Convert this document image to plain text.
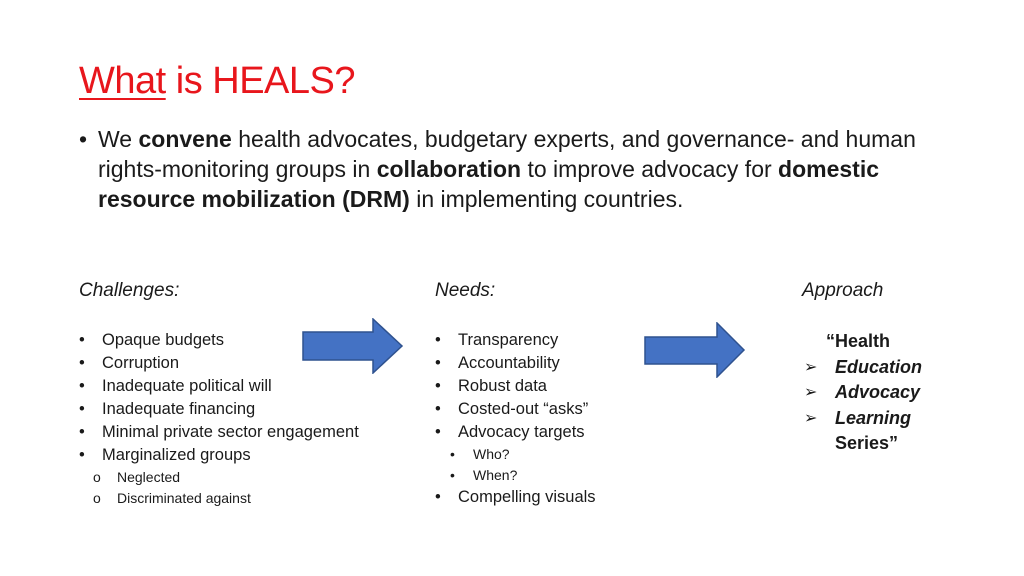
What is HEALS?

• We convene health advocates, budgetary experts, and governance- and human rights-monitoring groups in collaboration to improve advocacy for domestic resource mobilization (DRM) in implementing countries.

Challenges:

• Opaque budgets
• Corruption
• Inadequate political will
• Inadequate financing
• Minimal private sector engagement
• Marginalized groups
o Neglected
o Discriminated against

Needs:

• Transparency
• Accountability
• Robust data
• Costed-out “asks”
• Advocacy targets
• Who?
• When?
• Compelling visuals

Approach

“Health
➢ Education
➢ Advocacy
➢ Learning
Series”
